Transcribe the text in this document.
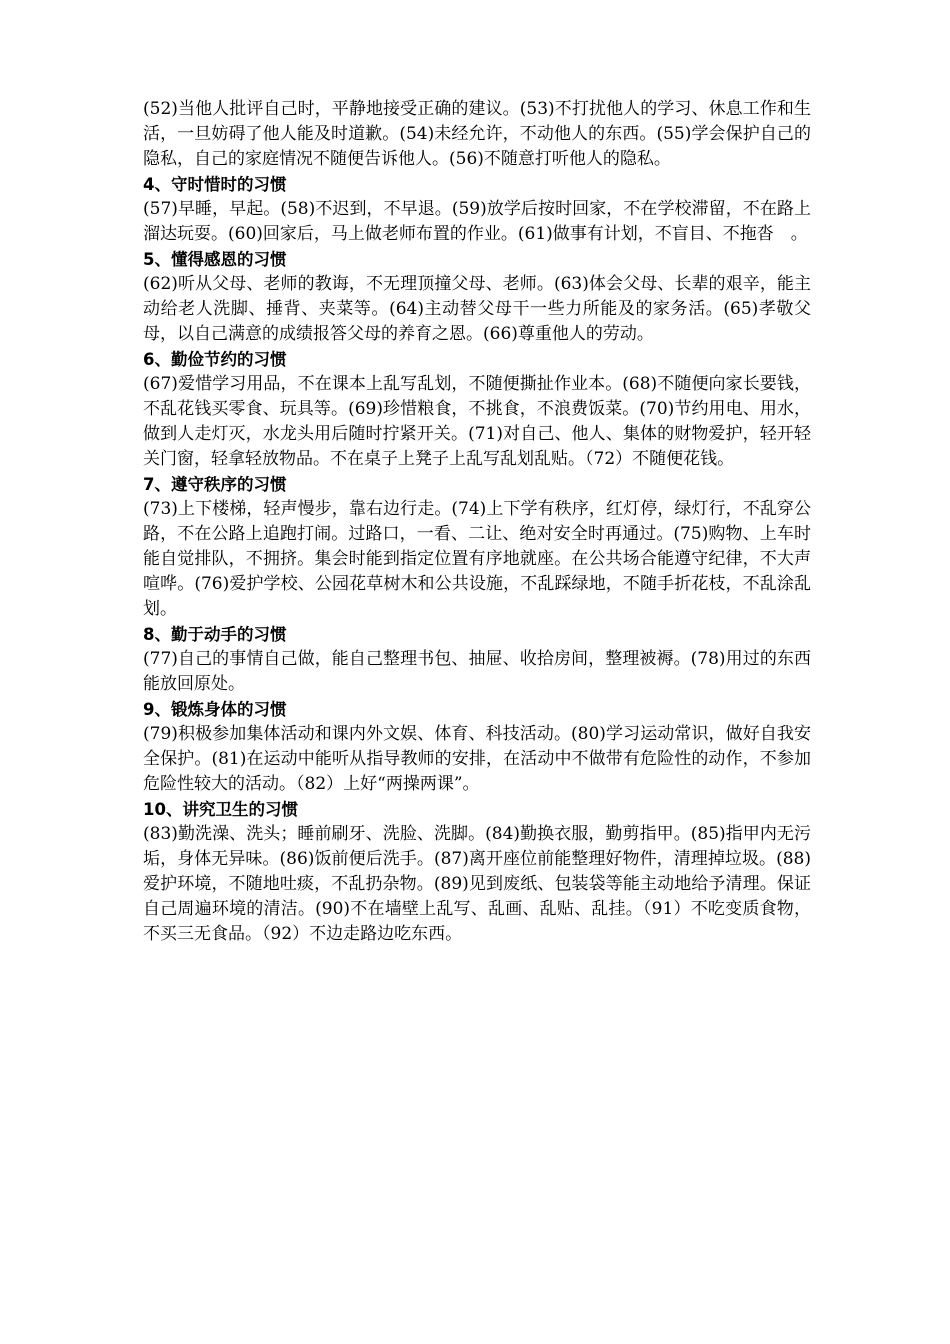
(52)当他人批评自己时，平静地接受正确的建议。(53)不打扰他人的学习、休息工作和生活，一旦妨碍了他人能及时道歉。(54)未经允许，不动他人的东西。(55)学会保护自己的隐私，自己的家庭情况不随便告诉他人。(56)不随意打听他人的隐私。

4、守时惜时的习惯

(57)早睡，早起。(58)不迟到，不早退。(59)放学后按时回家，不在学校滞留，不在路上溜达玩耍。(60)回家后，马上做老师布置的作业。(61)做事有计划，不盲目、不拖沓　。

5、懂得感恩的习惯

(62)听从父母、老师的教诲，不无理顶撞父母、老师。(63)体会父母、长辈的艰辛，能主动给老人洗脚、捶背、夹菜等。(64)主动替父母干一些力所能及的家务活。(65)孝敬父母，以自己满意的成绩报答父母的养育之恩。(66)尊重他人的劳动。

6、勤俭节约的习惯

(67)爱惜学习用品，不在课本上乱写乱划，不随便撕扯作业本。(68)不随便向家长要钱，不乱花钱买零食、玩具等。(69)珍惜粮食，不挑食，不浪费饭菜。(70)节约用电、用水，做到人走灯灭，水龙头用后随时拧紧开关。(71)对自己、他人、集体的财物爱护，轻开轻关门窗，轻拿轻放物品。不在桌子上凳子上乱写乱划乱贴。（72）不随便花钱。

7、遵守秩序的习惯

(73)上下楼梯，轻声慢步，靠右边行走。(74)上下学有秩序，红灯停，绿灯行，不乱穿公路，不在公路上追跑打闹。过路口，一看、二让、绝对安全时再通过。(75)购物、上车时能自觉排队，不拥挤。集会时能到指定位置有序地就座。在公共场合能遵守纪律，不大声喧哗。(76)爱护学校、公园花草树木和公共设施，不乱踩绿地，不随手折花枝，不乱涂乱划。

8、勤于动手的习惯

(77)自己的事情自己做，能自己整理书包、抽屉、收拾房间，整理被褥。(78)用过的东西能放回原处。

9、锻炼身体的习惯

(79)积极参加集体活动和课内外文娱、体育、科技活动。(80)学习运动常识，做好自我安全保护。(81)在运动中能听从指导教师的安排，在活动中不做带有危险性的动作，不参加危险性较大的活动。（82）上好“两操两课”。

10、讲究卫生的习惯

(83)勤洗澡、洗头；睡前刷牙、洗脸、洗脚。(84)勤换衣服，勤剪指甲。(85)指甲内无污垢，身体无异味。(86)饭前便后洗手。(87)离开座位前能整理好物件，清理掉垃圾。(88)爱护环境，不随地吐痰，不乱扔杂物。(89)见到废纸、包装袋等能主动地给予清理。保证自己周遍环境的清洁。(90)不在墙壁上乱写、乱画、乱贴、乱挂。（91）不吃变质食物，不买三无食品。（92）不边走路边吃东西。
